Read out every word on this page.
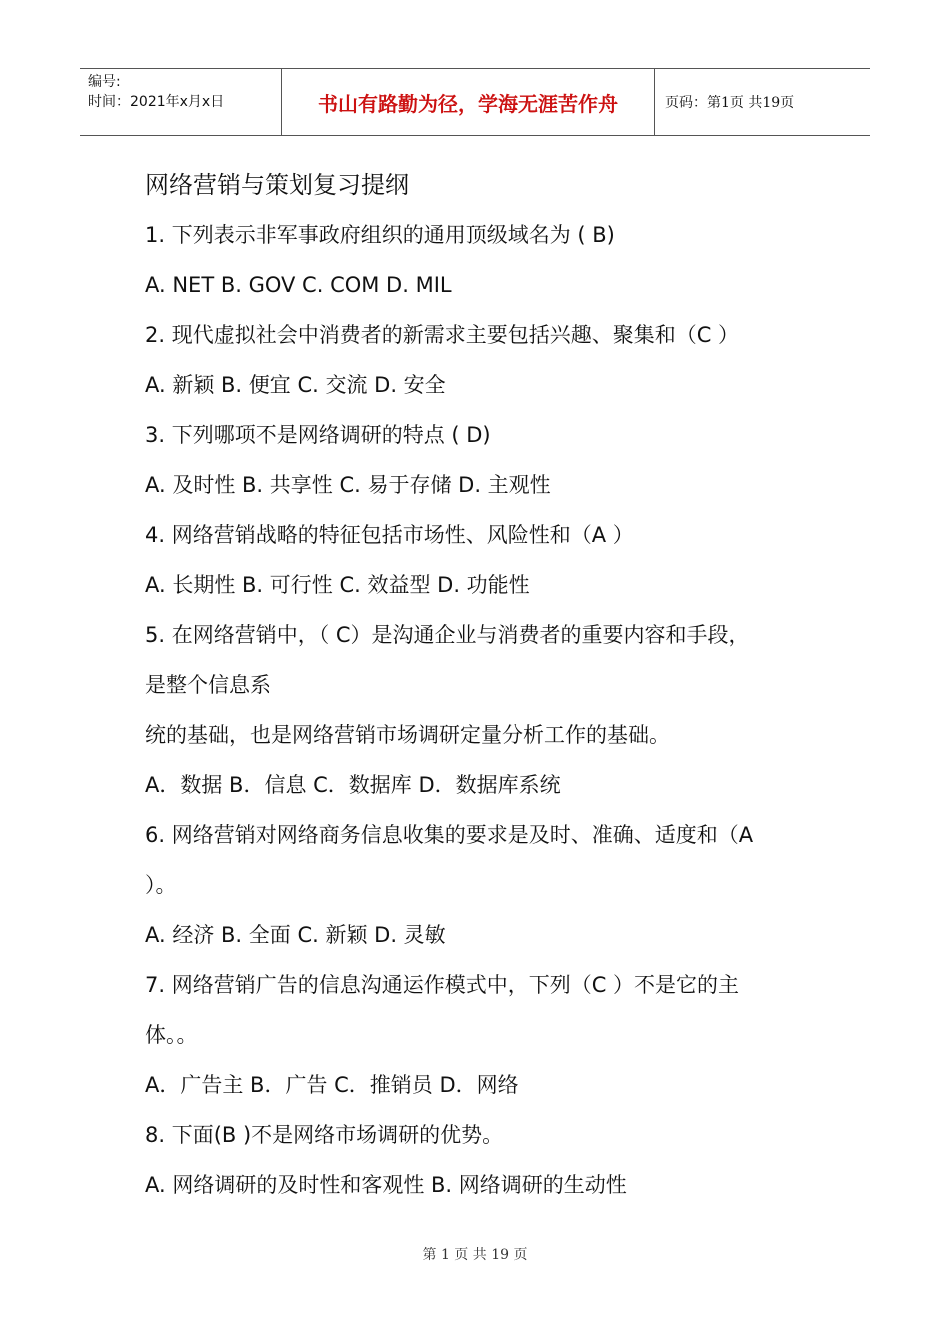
编号:
时间：2021年x月x日	书山有路勤为径，学海无涯苦作舟	页码：第1页 共19页
网络营销与策划复习提纲
1. 下列表示非军事政府组织的通用顶级域名为 ( B)
A. NET B. GOV C. COM D. MIL
2. 现代虚拟社会中消费者的新需求主要包括兴趣、聚集和（C ）
A. 新颖 B. 便宜 C. 交流 D. 安全
3. 下列哪项不是网络调研的特点 ( D)
A. 及时性 B. 共享性 C. 易于存储 D. 主观性
4. 网络营销战略的特征包括市场性、风险性和（A ）
A. 长期性 B. 可行性 C. 效益型 D. 功能性
5. 在网络营销中，（ C）是沟通企业与消费者的重要内容和手段，
是整个信息系
统的基础，也是网络营销市场调研定量分析工作的基础。
A．数据 B．信息 C．数据库 D．数据库系统
6. 网络营销对网络商务信息收集的要求是及时、准确、适度和（A
）。
A. 经济 B. 全面 C. 新颖 D. 灵敏
7. 网络营销广告的信息沟通运作模式中，下列（C ）不是它的主
体。。
A．广告主 B．广告 C．推销员 D．网络
8. 下面(B )不是网络市场调研的优势。
A. 网络调研的及时性和客观性 B. 网络调研的生动性
第 1 页 共 19 页
